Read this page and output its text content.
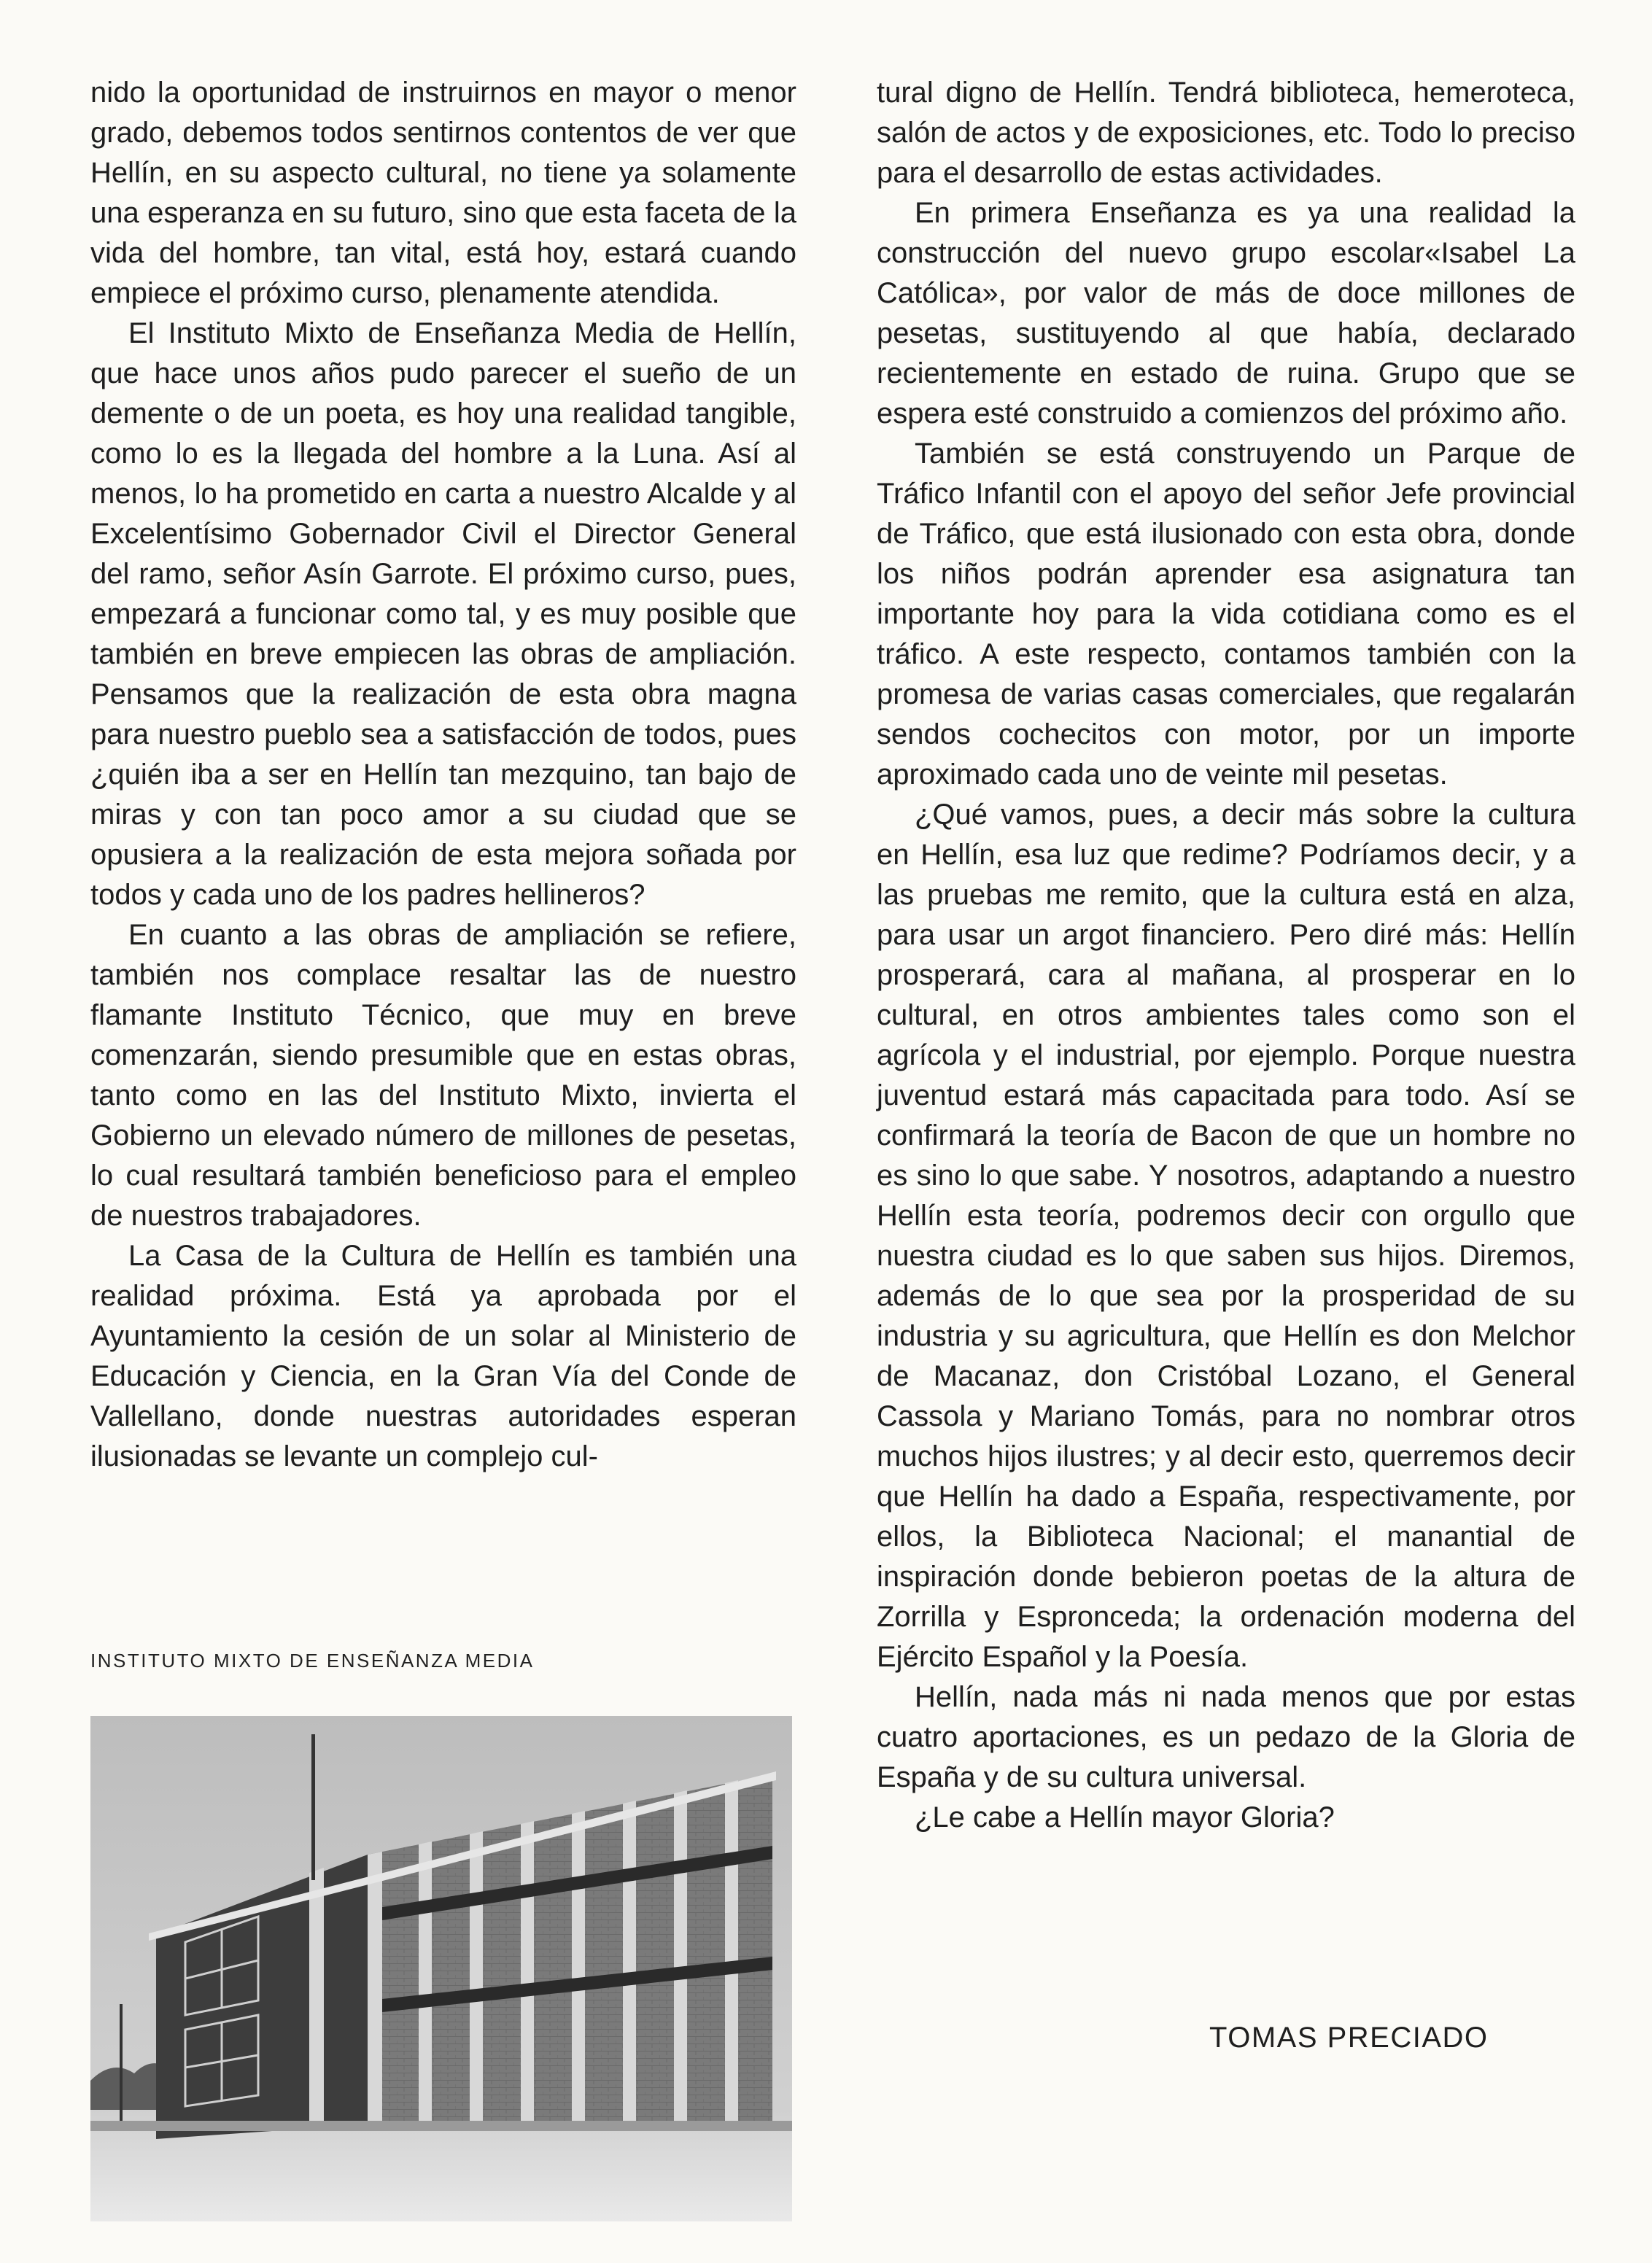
nido la oportunidad de instruirnos en mayor o menor grado, debemos todos sentirnos contentos de ver que Hellín, en su aspecto cultural, no tiene ya solamente una esperanza en su futuro, sino que esta faceta de la vida del hombre, tan vital, está hoy, estará cuando empiece el próximo curso, plenamente atendida.

El Instituto Mixto de Enseñanza Media de Hellín, que hace unos años pudo parecer el sueño de un demente o de un poeta, es hoy una realidad tangible, como lo es la llegada del hombre a la Luna. Así al menos, lo ha prometido en carta a nuestro Alcalde y al Excelentísimo Gobernador Civil el Director General del ramo, señor Asín Garrote. El próximo curso, pues, empezará a funcionar como tal, y es muy posible que también en breve empiecen las obras de ampliación. Pensamos que la realización de esta obra magna para nuestro pueblo sea a satisfacción de todos, pues ¿quién iba a ser en Hellín tan mezquino, tan bajo de miras y con tan poco amor a su ciudad que se opusiera a la realización de esta mejora soñada por todos y cada uno de los padres hellineros?

En cuanto a las obras de ampliación se refiere, también nos complace resaltar las de nuestro flamante Instituto Técnico, que muy en breve comenzarán, siendo presumible que en estas obras, tanto como en las del Instituto Mixto, invierta el Gobierno un elevado número de millones de pesetas, lo cual resultará también beneficioso para el empleo de nuestros trabajadores.

La Casa de la Cultura de Hellín es también una realidad próxima. Está ya aprobada por el Ayuntamiento la cesión de un solar al Ministerio de Educación y Ciencia, en la Gran Vía del Conde de Vallellano, donde nuestras autoridades esperan ilusionadas se levante un complejo cul-

INSTITUTO MIXTO DE ENSEÑANZA MEDIA

tural digno de Hellín. Tendrá biblioteca, hemeroteca, salón de actos y de exposiciones, etc. Todo lo preciso para el desarrollo de estas actividades.

En primera Enseñanza es ya una realidad la construcción del nuevo grupo escolar«Isabel La Católica», por valor de más de doce millones de pesetas, sustituyendo al que había, declarado recientemente en estado de ruina. Grupo que se espera esté construido a comienzos del próximo año.

También se está construyendo un Parque de Tráfico Infantil con el apoyo del señor Jefe provincial de Tráfico, que está ilusionado con esta obra, donde los niños podrán aprender esa asignatura tan importante hoy para la vida cotidiana como es el tráfico. A este respecto, contamos también con la promesa de varias casas comerciales, que regalarán sendos cochecitos con motor, por un importe aproximado cada uno de veinte mil pesetas.

¿Qué vamos, pues, a decir más sobre la cultura en Hellín, esa luz que redime? Podríamos decir, y a las pruebas me remito, que la cultura está en alza, para usar un argot financiero. Pero diré más: Hellín prosperará, cara al mañana, al prosperar en lo cultural, en otros ambientes tales como son el agrícola y el industrial, por ejemplo. Porque nuestra juventud estará más capacitada para todo. Así se confirmará la teoría de Bacon de que un hombre no es sino lo que sabe. Y nosotros, adaptando a nuestro Hellín esta teoría, podremos decir con orgullo que nuestra ciudad es lo que saben sus hijos. Diremos, además de lo que sea por la prosperidad de su industria y su agricultura, que Hellín es don Melchor de Macanaz, don Cristóbal Lozano, el General Cassola y Mariano Tomás, para no nombrar otros muchos hijos ilustres; y al decir esto, querremos decir que Hellín ha dado a España, respectivamente, por ellos, la Biblioteca Nacional; el manantial de inspiración donde bebieron poetas de la altura de Zorrilla y Espronceda; la ordenación moderna del Ejército Español y la Poesía.

Hellín, nada más ni nada menos que por estas cuatro aportaciones, es un pedazo de la Gloria de España y de su cultura universal.

¿Le cabe a Hellín mayor Gloria?

TOMAS PRECIADO
